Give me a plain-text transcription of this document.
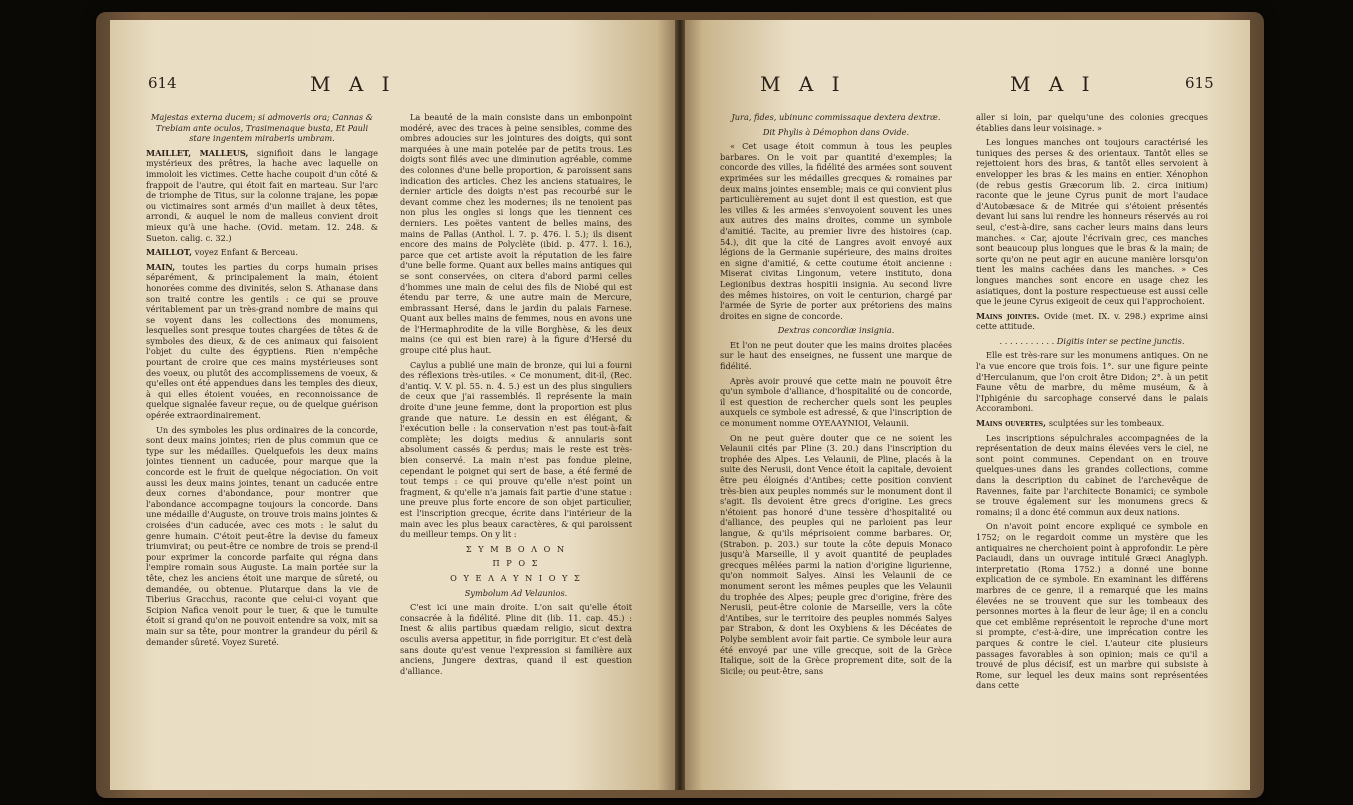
614	M A I

Majestas externa ducem; si admoveris ora; Cannas & Trebiam ante oculos, Trasimenaque busta, Et Pauli stare ingentem miraberis umbram.

MAILLET, MALLEUS, signifioit dans le langage mystérieux des prêtres, la hache avec laquelle on immoloit les victimes. Cette hache coupoit d'un côté & frappoit de l'autre, qui étoit fait en marteau. Sur l'arc de triomphe de Titus, sur la colonne trajane, les popæ ou victimaires sont armés d'un maillet à deux têtes, arrondi, & auquel le nom de malleus convient droit mieux qu'à une hache. (Ovid. metam. 12. 248. & Sueton. calig. c. 32.)

MAILLOT, voyez Enfant & Berceau.

MAIN, toutes les parties du corps humain prises séparément, & principalement la main, étoient honorées comme des divinités, selon S. Athanase dans son traité contre les gentils : ce qui se prouve véritablement par un très-grand nombre de mains qui se voyent dans les collections des monumens, lesquelles sont presque toutes chargées de têtes & de symboles des dieux, & de ces animaux qui faisoient l'objet du culte des égyptiens. Rien n'empêche pourtant de croire que ces mains mystérieuses sont des voeux, ou plutôt des accomplissemens de voeux, & qu'elles ont été appendues dans les temples des dieux, à qui elles étoient vouées, en reconnoissance de quelque signalée faveur reçue, ou de quelque guérison opérée extraordinairement.

Un des symboles les plus ordinaires de la concorde, sont deux mains jointes; rien de plus commun que ce type sur les médailles. Quelquefois les deux mains jointes tiennent un caducée, pour marque que la concorde est le fruit de quelque négociation. On voit aussi les deux mains jointes, tenant un caducée entre deux cornes d'abondance, pour montrer que l'abondance accompagne toujours la concorde. Dans une médaille d'Auguste, on trouve trois mains jointes & croisées d'un caducée, avec ces mots : le salut du genre humain. C'étoit peut-être la devise du fameux triumvirat; ou peut-être ce nombre de trois se prend-il pour exprimer la concorde parfaite qui régna dans l'empire romain sous Auguste. La main portée sur la tête, chez les anciens étoit une marque de sûreté, ou demandée, ou obtenue. Plutarque dans la vie de Tiberius Gracchus, raconte que celui-ci voyant que Scipion Nafica venoit pour le tuer, & que le tumulte étoit si grand qu'on ne pouvoit entendre sa voix, mit sa main sur sa tête, pour montrer la grandeur du péril & demander sûreté. Voyez Sureté.

La beauté de la main consiste dans un embonpoint modéré, avec des traces à peine sensibles, comme des ombres adoucies sur les jointures des doigts, qui sont marquées à une main potelée par de petits trous. Les doigts sont filés avec une diminution agréable, comme des colonnes d'une belle proportion, & paroissent sans indication des articles. Chez les anciens statuaires, le dernier article des doigts n'est pas recourbé sur le devant comme chez les modernes; ils ne tenoient pas non plus les ongles si longs que les tiennent ces derniers. Les poëtes vantent de belles mains, des mains de Pallas (Anthol. l. 7. p. 476. l. 5.); ils disent encore des mains de Polyclète (ibid. p. 477. l. 16.), parce que cet artiste avoit la réputation de les faire d'une belle forme. Quant aux belles mains antiques qui se sont conservées, on citera d'abord parmi celles d'hommes une main de celui des fils de Niobé qui est étendu par terre, & une autre main de Mercure, embrassant Hersé, dans le jardin du palais Farnese. Quant aux belles mains de femmes, nous en avons une de l'Hermaphrodite de la ville Borghèse, & les deux mains (ce qui est bien rare) à la figure d'Hersé du groupe cité plus haut.

Caylus a publié une main de bronze, qui lui a fourni des réflexions très-utiles. « Ce monument, dit-il, (Rec. d'antiq. V. V. pl. 55. n. 4. 5.) est un des plus singuliers de ceux que j'ai rassemblés. Il représente la main droite d'une jeune femme, dont la proportion est plus grande que nature. Le dessin en est élégant, & l'exécution belle : la conservation n'est pas tout-à-fait complète; les doigts medius & annularis sont absolument cassés & perdus; mais le reste est très-bien conservé. La main n'est pas fondue pleine, cependant le poignet qui sert de base, a été fermé de tout temps : ce qui prouve qu'elle n'est point un fragment, & qu'elle n'a jamais fait partie d'une statue : une preuve plus forte encore de son objet particulier, est l'inscription grecque, écrite dans l'intérieur de la main avec les plus beaux caractères, & qui paroissent du meilleur temps. On y lit :

Σ Υ Μ Β Ο Λ Ο Ν

Π Ρ Ο Σ

Ο Υ Ε Λ Α Υ Ν Ι Ο Υ Σ

Symbolum Ad Velaunios.

C'est ici une main droite. L'on sait qu'elle étoit consacrée à la fidélité. Pline dit (lib. 11. cap. 45.) : Inest & aliis partibus quædam religio, sicut dextra osculis aversa appetitur, in fide porrigitur. Et c'est delà sans doute qu'est venue l'expression si familière aux anciens, Jungere dextras, quand il est question d'alliance.

M A I	M A I	615

Jura, fides, ubinunc commissaque dextera dextræ.

Dit Phylis à Démophon dans Ovide.

« Cet usage étoit commun à tous les peuples barbares. On le voit par quantité d'exemples; la concorde des villes, la fidélité des armées sont souvent exprimées sur les médailles grecques & romaines par deux mains jointes ensemble; mais ce qui convient plus particulièrement au sujet dont il est question, est que les villes & les armées s'envoyoient souvent les unes aux autres des mains droites, comme un symbole d'amitié. Tacite, au premier livre des histoires (cap. 54.), dit que la cité de Langres avoit envoyé aux légions de la Germanie supérieure, des mains droites en signe d'amitié, & cette coutume étoit ancienne : Miserat civitas Lingonum, vetere instituto, dona Legionibus dextras hospitii insignia. Au second livre des mêmes histoires, on voit le centurion, chargé par l'armée de Syrie de porter aux prétoriens des mains droites en signe de concorde.

Dextras concordiæ insignia.

Et l'on ne peut douter que les mains droites placées sur le haut des enseignes, ne fussent une marque de fidélité.

Après avoir prouvé que cette main ne pouvoit être qu'un symbole d'alliance, d'hospitalité ou de concorde, il est question de rechercher quels sont les peuples auxquels ce symbole est adressé, & que l'inscription de ce monument nomme ΟΥΕΛΑΥΝΙΟΙ, Velaunii.

On ne peut guère douter que ce ne soient les Velaunii cités par Pline (3. 20.) dans l'inscription du trophée des Alpes. Les Velaunii, de Pline, placés à la suite des Nerusii, dont Vence étoit la capitale, devoient être peu éloignés d'Antibes; cette position convient très-bien aux peuples nommés sur le monument dont il s'agit. Ils devoient être grecs d'origine. Les grecs n'étoient pas honoré d'une tessère d'hospitalité ou d'alliance, des peuples qui ne parloient pas leur langue, & qu'ils méprisoient comme barbares. Or, (Strabon. p. 203.) sur toute la côte depuis Monaco jusqu'à Marseille, il y avoit quantité de peuplades grecques mêlées parmi la nation d'origine ligurienne, qu'on nommoit Salyes. Ainsi les Velaunii de ce monument seront les mêmes peuples que les Velaunii du trophée des Alpes; peuple grec d'origine, frère des Nerusii, peut-être colonie de Marseille, vers la côte d'Antibes, sur le territoire des peuples nommés Salyes par Strabon, & dont les Oxybiens & les Décéates de Polybe semblent avoir fait partie. Ce symbole leur aura été envoyé par une ville grecque, soit de la Grèce Italique, soit de la Grèce proprement dite, soit de la Sicile; ou peut-être, sans

aller si loin, par quelqu'une des colonies grecques établies dans leur voisinage. »

Les longues manches ont toujours caractérisé les tuniques des perses & des orientaux. Tantôt elles se rejettoient hors des bras, & tantôt elles servoient à envelopper les bras & les mains en entier. Xénophon (de rebus gestis Græcorum lib. 2. circa initium) raconte que le jeune Cyrus punit de mort l'audace d'Autobæsace & de Mitrée qui s'étoient présentés devant lui sans lui rendre les honneurs réservés au roi seul, c'est-à-dire, sans cacher leurs mains dans leurs manches. « Car, ajoute l'écrivain grec, ces manches sont beaucoup plus longues que le bras & la main; de sorte qu'on ne peut agir en aucune manière lorsqu'on tient les mains cachées dans les manches. » Ces longues manches sont encore en usage chez les asiatiques, dont la posture respectueuse est aussi celle que le jeune Cyrus exigeoit de ceux qui l'approchoient.

Mains jointes. Ovide (met. IX. v. 298.) exprime ainsi cette attitude.

. . . . . . . . . . . Digitis inter se pectine junctis.

Elle est très-rare sur les monumens antiques. On ne l'a vue encore que trois fois. 1°. sur une figure peinte d'Herculanum, que l'on croit être Didon; 2°. à un petit Faune vêtu de marbre, du même muséum, & à l'Iphigénie du sarcophage conservé dans le palais Accoramboni.

Mains ouvertes, sculptées sur les tombeaux.

Les inscriptions sépulchrales accompagnées de la représentation de deux mains élevées vers le ciel, ne sont point communes. Cependant on en trouve quelques-unes dans les grandes collections, comme dans la description du cabinet de l'archevêque de Ravennes, faite par l'architecte Bonamici; ce symbole se trouve également sur les monumens grecs & romains; il a donc été commun aux deux nations.

On n'avoit point encore expliqué ce symbole en 1752; on le regardoit comme un mystère que les antiquaires ne cherchoient point à approfondir. Le père Paciaudi, dans un ouvrage intitulé Græci Anaglyph. interpretatio (Roma 1752.) a donné une bonne explication de ce symbole. En examinant les différens marbres de ce genre, il a remarqué que les mains élevées ne se trouvent que sur les tombeaux des personnes mortes à la fleur de leur âge; il en a conclu que cet emblême représentoit le reproche d'une mort si prompte, c'est-à-dire, une imprécation contre les parques & contre le ciel. L'auteur cite plusieurs passages favorables à son opinion; mais ce qu'il a trouvé de plus décisif, est un marbre qui subsiste à Rome, sur lequel les deux mains sont représentées dans cette
